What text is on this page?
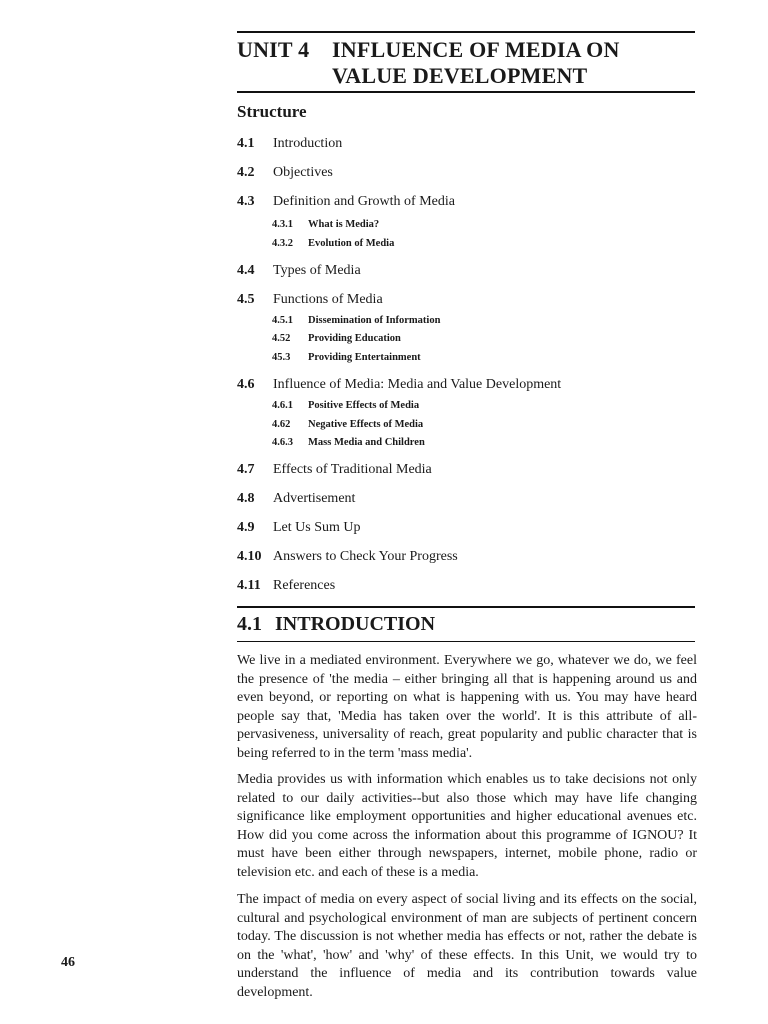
UNIT 4 INFLUENCE OF MEDIA ON
VALUE DEVELOPMENT
Structure
4.1 Introduction
4.2 Objectives
4.3 Definition and Growth of Media
4.3.1 What is Media?
4.3.2 Evolution of Media
4.4 Types of Media
4.5 Functions of Media
4.5.1 Dissemination of Information
4.52 Providing Education
45.3 Providing Entertainment
4.6 Influence of Media: Media and Value Development
4.6.1 Positive Effects of Media
4.62 Negative Effects of Media
4.6.3 Mass Media and Children
4.7 Effects of Traditional Media
4.8 Advertisement
4.9 Let Us Sum Up
4.10 Answers to Check Your Progress
4.11 References
4.1 INTRODUCTION

We live in a mediated environment. Everywhere we go, whatever we do, we feel the presence of 'the media – either bringing all that is happening around us and even beyond, or reporting on what is happening with us. You may have heard people say that, 'Media has taken over the world'. It is this attribute of all-pervasiveness, universality of reach, great popularity and public character that is being referred to in the term 'mass media'.

Media provides us with information which enables us to take decisions not only related to our daily activities--but also those which may have life changing significance like employment opportunities and higher educational avenues etc. How did you come across the information about this programme of IGNOU? It must have been either through newspapers, internet, mobile phone, radio or television etc. and each of these is a media.

The impact of media on every aspect of social living and its effects on the social, cultural and psychological environment of man are subjects of pertinent concern today. The discussion is not whether media has effects or not, rather the debate is on the 'what', 'how' and 'why' of these effects. In this Unit, we would try to understand the influence of media and its contribution towards value development.

46
